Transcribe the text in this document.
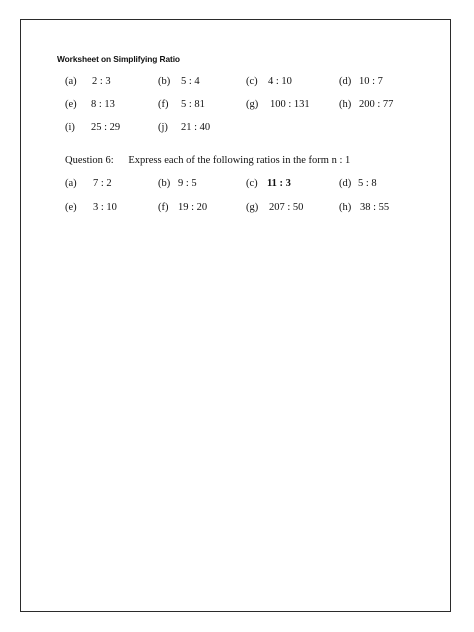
Worksheet on Simplifying Ratio
(a) 2 : 3	(b) 5 : 4	(c) 4 : 10	(d) 10 : 7
(e) 8 : 13	(f) 5 : 81	(g) 100 : 131	(h) 200 : 77
(i) 25 : 29	(j) 21 : 40
Question 6: Express each of the following ratios in the form n : 1
(a) 7 : 2	(b) 9 : 5	(c) 11 : 3	(d) 5 : 8
(e) 3 : 10	(f) 19 : 20	(g) 207 : 50	(h) 38 : 55
